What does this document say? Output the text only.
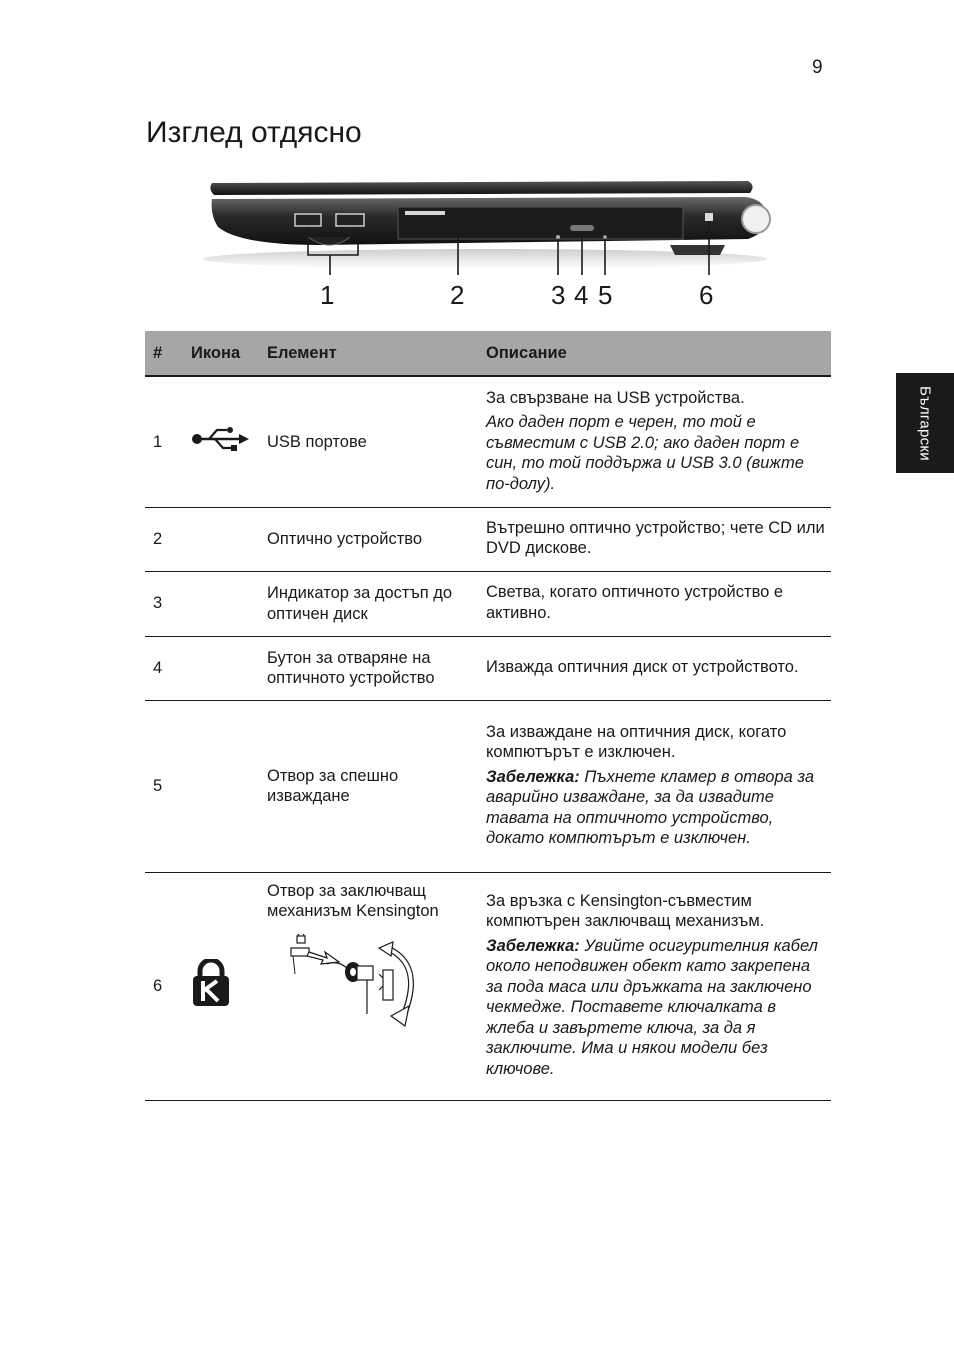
9
Изглед отдясно
Български
1	2	3 4 5	6
#	Икона	Елемент	Описание
1		USB портове	За свързване на USB устройства.

Ако даден порт е черен, то той е съвместим с USB 2.0; ако даден порт е син, то той поддържа и USB 3.0 (вижте по-долу).

2		Оптично устройство	Вътрешно оптично устройство; чете CD или DVD дискове.

3		Индикатор за достъп до оптичен диск	Светва, когато оптичното устройство е активно.

4		Бутон за отваряне на оптичното устройство	Изважда оптичния диск от устройството.

5		Отвор за спешно изваждане	За изваждане на оптичния диск, когато компютърът е изключен.

Забележка: Пъхнете кламер в отвора за аварийно изваждане, за да извадите тавата на оптичното устройство, докато компютърът е изключен.

6		Отвор за заключващ механизъм Kensington	За връзка с Kensington-съвместим компютърен заключващ механизъм.

Забележка: Увийте осигурителния кабел около неподвижен обект като закрепена за пода маса или дръжката на заключено чекмедже. Поставете ключалката в жлеба и завъртете ключа, за да я заключите. Има и някои модели без ключове.
